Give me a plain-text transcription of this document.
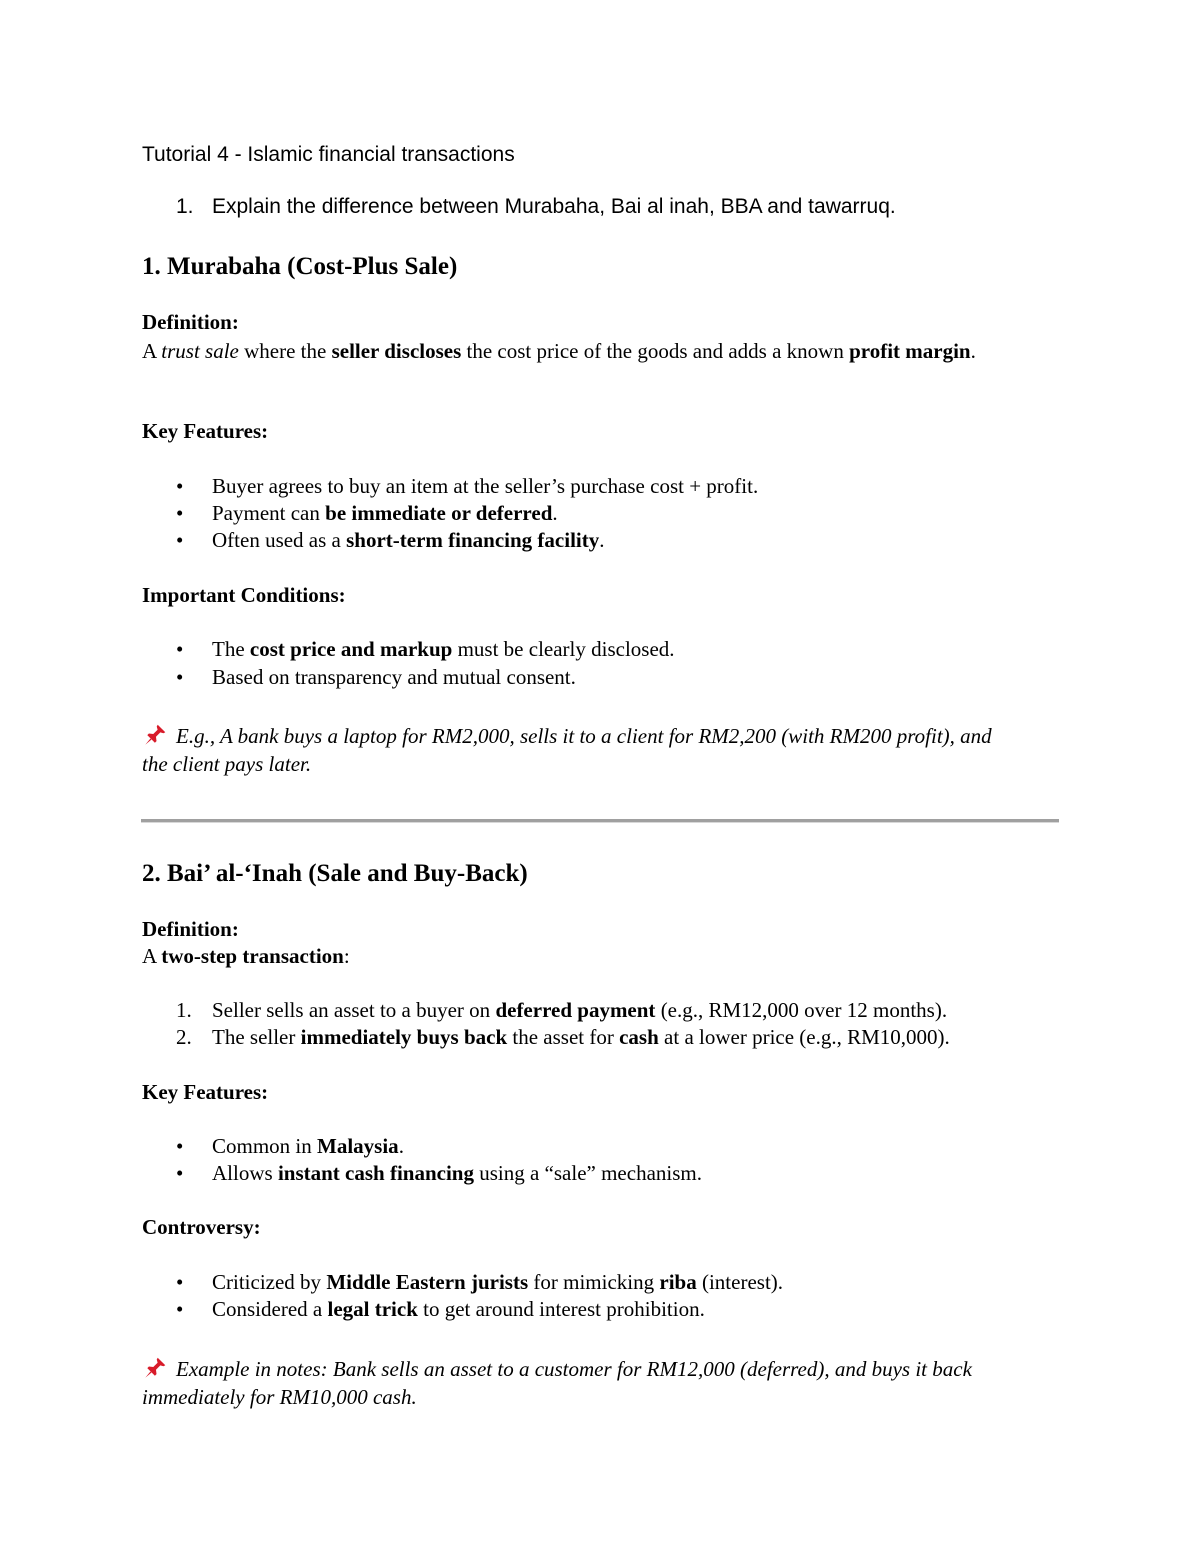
Tutorial 4 - Islamic financial transactions
1. Explain the difference between Murabaha, Bai al inah, BBA and tawarruq.
1. Murabaha (Cost-Plus Sale)
Definition:
A trust sale where the seller discloses the cost price of the goods and adds a known profit margin.
Key Features:
• Buyer agrees to buy an item at the seller’s purchase cost + profit.
• Payment can be immediate or deferred.
• Often used as a short-term financing facility.
Important Conditions:
• The cost price and markup must be clearly disclosed.
• Based on transparency and mutual consent.
E.g., A bank buys a laptop for RM2,000, sells it to a client for RM2,200 (with RM200 profit), and the client pays later.
2. Bai’ al-‘Inah (Sale and Buy-Back)
Definition:
A two-step transaction:
1. Seller sells an asset to a buyer on deferred payment (e.g., RM12,000 over 12 months).
2. The seller immediately buys back the asset for cash at a lower price (e.g., RM10,000).
Key Features:
• Common in Malaysia.
• Allows instant cash financing using a “sale” mechanism.
Controversy:
• Criticized by Middle Eastern jurists for mimicking riba (interest).
• Considered a legal trick to get around interest prohibition.
Example in notes: Bank sells an asset to a customer for RM12,000 (deferred), and buys it back immediately for RM10,000 cash.
